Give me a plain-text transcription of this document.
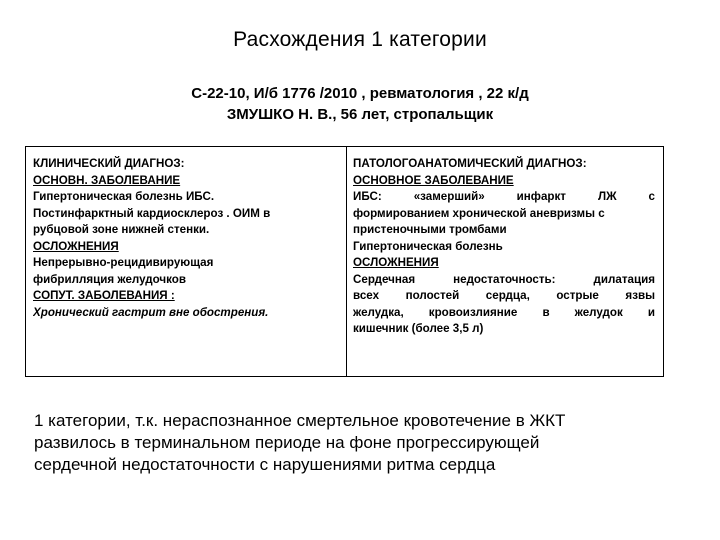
Расхождения 1 категории
С-22-10, И/б 1776 /2010 , ревматология , 22 к/д
ЗМУШКО Н. В., 56 лет, стропальщик
КЛИНИЧЕСКИЙ ДИАГНОЗ:
ОСНОВН. ЗАБОЛЕВАНИЕ
Гипертоническая болезнь ИБС.
Постинфарктный кардиосклероз . ОИМ в
рубцовой зоне нижней стенки.
ОСЛОЖНЕНИЯ
Непрерывно-рецидивирующая
фибрилляция желудочков
СОПУТ. ЗАБОЛЕВАНИЯ :
Хронический гастрит вне обострения.
ПАТОЛОГОАНАТОМИЧЕСКИЙ ДИАГНОЗ:
ОСНОВНОЕ ЗАБОЛЕВАНИЕ
ИБС: «замерший» инфаркт ЛЖ с
формированием хронической аневризмы с
пристеночными тромбами
Гипертоническая болезнь
ОСЛОЖНЕНИЯ
Сердечная недостаточность: дилатация
всех полостей сердца, острые язвы
желудка, кровоизлияние в желудок и
кишечник (более 3,5 л)
1 категории, т.к. нераспознанное смертельное кровотечение в ЖКТ
развилось в терминальном периоде на фоне прогрессирующей
сердечной недостаточности с нарушениями ритма сердца
